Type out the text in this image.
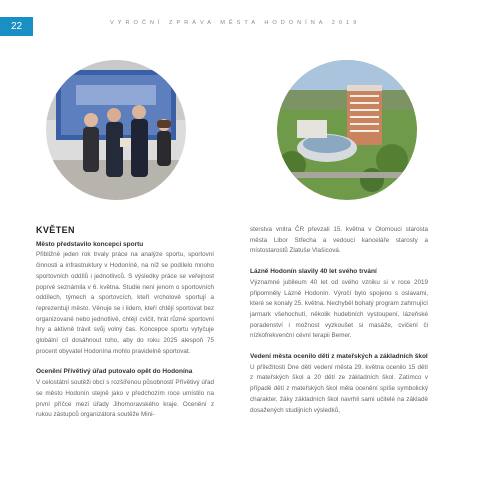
22	VÝROČNÍ ZPRÁVA MĚSTA HODONÍNA 2019
KVĚTEN
Město představilo koncepci sportu

Přibližně jeden rok trvaly práce na analýze sportu, sportovní činnosti a infrastruktury v Hodoníně, na níž se podílelo mnoho sportovních oddílů i jednotlivců. S výsledky práce se veřejnost poprvé seznámila v 6. května. Studie není jenom o sportovních oddílech, týmech a sportovcích, kteří vrcholově sportují a reprezentují město. Věnuje se i lidem, kteří chtějí sportovat bez organizované nebo jednotlivě, chtějí cvičit, hrát různé sportovní hry a aktivně trávit svůj volný čas. Koncepce sportu vytyčuje globální cíl dosáhnout toho, aby do roku 2025 alespoň 75 procent obyvatel Hodonína mohlo pravidelně sportovat.

Ocenění Přívětivý úřad putovalo opět do Hodonína

V celostátní soutěži obcí s rozšířenou působností Přívětivý úřad se město Hodonín stejně jako v předchozím roce umístilo na první příčce mezi úřady Jihomoravského kraje. Ocenění z rukou zástupců organizátora soutěže Mini-

sterstva vnitra ČR převzali 15. května v Olomouci starosta města Libor Střecha a vedoucí kanceláře starosty a místostarostů Zlatuše Vlašicová.

Lázně Hodonín slavily 40 let svého trvání

Významné jubileum 40 let od svého vzniku si v roce 2019 připomněly Lázně Hodonín. Výročí bylo spojeno s oslavami, které se konaly 25. května. Nechyběl bohatý program zahrnující jarmark všehochutí, několik hudebních vystoupení, lázeňské poradenství i možnost vyzkoušet si masáže, cvičení či nízkofrekvenční cévní terapii Bemer.

Vedení města ocenilo děti z mateřských a základních škol

U příležitosti Dne dětí vedení města 29. května ocenilo 15 dětí z mateřských škol a 20 dětí ze základních škol. Zatímco v případě dětí z mateřských škol měla ocenění spíše symbolický charakter, žáky základních škol navrhli sami učitelé na základě dosažených studijních výsledků,
